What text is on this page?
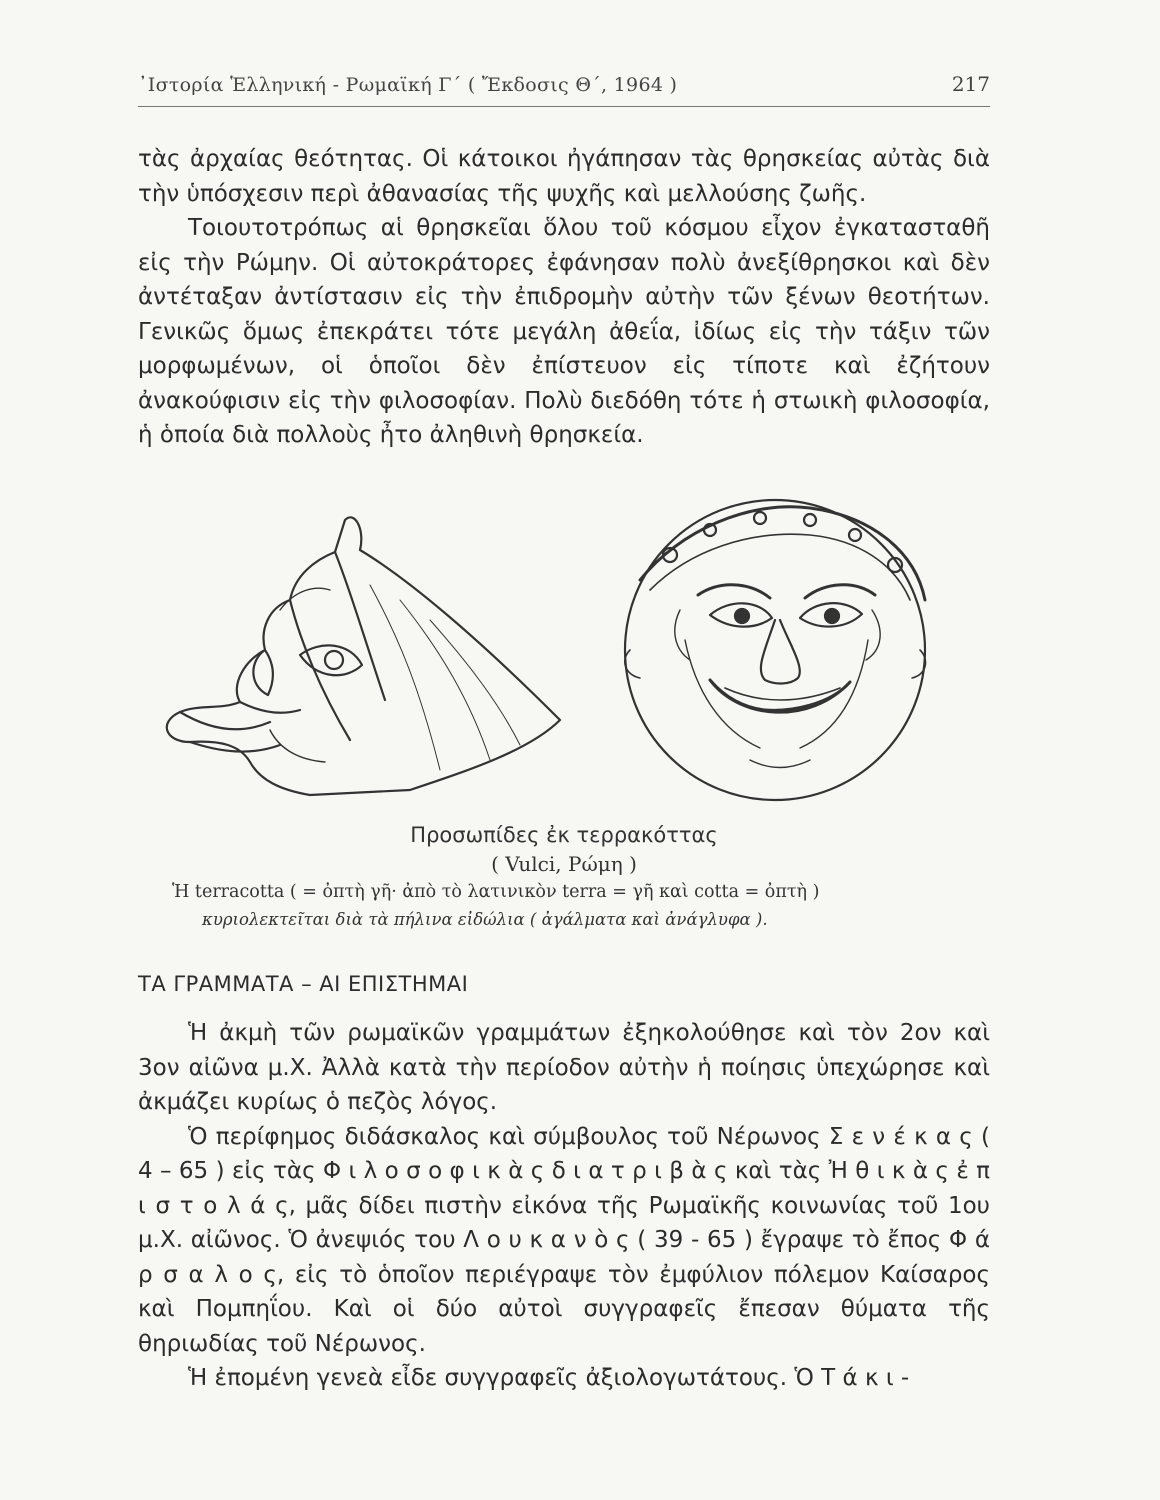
᾿Ιστορία Ἑλληνική - Ρωμαϊκή Γ΄ ( Ἔκδοσις Θ΄, 1964 )	217

τὰς ἀρχαίας θεότητας. Οἱ κάτοικοι ἠγάπησαν τὰς θρησκείας αὐτὰς διὰ τὴν ὑπόσχεσιν περὶ ἀθανασίας τῆς ψυχῆς καὶ μελλούσης ζωῆς.

Τοιουτοτρόπως αἱ θρησκεῖαι ὅλου τοῦ κόσμου εἶχον ἐγκατασταθῆ εἰς τὴν Ρώμην. Οἱ αὐτοκράτορες ἐφάνησαν πολὺ ἀνεξίθρησκοι καὶ δὲν ἀντέταξαν ἀντίστασιν εἰς τὴν ἐπιδρομὴν αὐτὴν τῶν ξένων θεοτήτων. Γενικῶς ὅμως ἐπεκράτει τότε μεγάλη ἀθεΐα, ἰδίως εἰς τὴν τάξιν τῶν μορφωμένων, οἱ ὁποῖοι δὲν ἐπίστευον εἰς τίποτε καὶ ἐζήτουν ἀνακούφισιν εἰς τὴν φιλοσοφίαν. Πολὺ διεδόθη τότε ἡ στωικὴ φιλοσοφία, ἡ ὁποία διὰ πολλοὺς ἦτο ἀληθινὴ θρησκεία.

Προσωπίδες ἐκ τερρακόττας
( Vulci, Ρώμη )
Ἡ terracotta ( = ὀπτὴ γῆ· ἀπὸ τὸ λατινικὸν terra = γῆ καὶ cotta = ὀπτὴ )
κυριολεκτεῖται διὰ τὰ πήλινα εἰδώλια ( ἀγάλματα καὶ ἀνάγλυφα ).
ΤΑ ΓΡΑΜΜΑΤΑ – ΑΙ ΕΠΙΣΤΗΜΑΙ

Ἡ ἀκμὴ τῶν ρωμαϊκῶν γραμμάτων ἐξηκολούθησε καὶ τὸν 2ον καὶ 3ον αἰῶνα μ.Χ. Ἀλλὰ κατὰ τὴν περίοδον αὐτὴν ἡ ποίησις ὑπεχώρησε καὶ ἀκμάζει κυρίως ὁ πεζὸς λόγος.

Ὁ περίφημος διδάσκαλος καὶ σύμβουλος τοῦ Νέρωνος Σ ε ν έ κ α ς ( 4 – 65 ) εἰς τὰς Φ ι λ ο σ ο φ ι κ ὰ ς δ ι α τ ρ ι β ὰ ς καὶ τὰς Ἠ θ ι κ ὰ ς ἐ π ι σ τ ο λ ά ς, μᾶς δίδει πιστὴν εἰκόνα τῆς Ρωμαϊκῆς κοινωνίας τοῦ 1ου μ.Χ. αἰῶνος. Ὁ ἀνεψιός του Λ ο υ κ α ν ὸ ς ( 39 - 65 ) ἔγραψε τὸ ἔπος Φ ά ρ σ α λ ο ς, εἰς τὸ ὁποῖον περιέγραψε τὸν ἐμφύλιον πόλεμον Καίσαρος καὶ Πομπηΐου. Καὶ οἱ δύο αὐτοὶ συγγραφεῖς ἔπεσαν θύματα τῆς θηριωδίας τοῦ Νέρωνος.

Ἡ ἐπομένη γενεὰ εἶδε συγγραφεῖς ἀξιολογωτάτους. Ὁ Τ ά κ ι -
